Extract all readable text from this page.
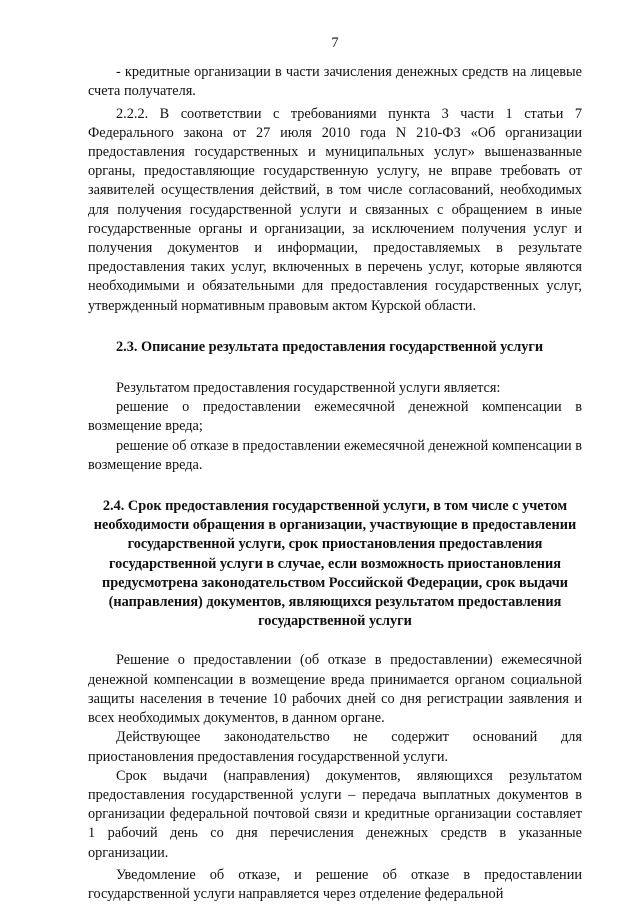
7

- кредитные организации в части зачисления денежных средств на лицевые счета получателя.

2.2.2. В соответствии с требованиями пункта 3 части 1 статьи 7 Федерального закона от 27 июля 2010 года N 210-ФЗ «Об организации предоставления государственных и муниципальных услуг» вышеназванные органы, предоставляющие государственную услугу, не вправе требовать от заявителей осуществления действий, в том числе согласований, необходимых для получения государственной услуги и связанных с обращением в иные государственные органы и организации, за исключением получения услуг и получения документов и информации, предоставляемых в результате предоставления таких услуг, включенных в перечень услуг, которые являются необходимыми и обязательными для предоставления государственных услуг, утвержденный нормативным правовым актом Курской области.

2.3. Описание результата предоставления государственной услуги

Результатом предоставления государственной услуги является:

решение о предоставлении ежемесячной денежной компенсации в возмещение вреда;

решение об отказе в предоставлении ежемесячной денежной компенсации в возмещение вреда.

2.4. Срок предоставления государственной услуги, в том числе с учетом необходимости обращения в организации, участвующие в предоставлении государственной услуги, срок приостановления предоставления государственной услуги в случае, если возможность приостановления предусмотрена законодательством Российской Федерации, срок выдачи (направления) документов, являющихся результатом предоставления государственной услуги

Решение о предоставлении (об отказе в предоставлении) ежемесячной денежной компенсации в возмещение вреда принимается органом социальной защиты населения в течение 10 рабочих дней со дня регистрации заявления и всех необходимых документов, в данном органе.

Действующее законодательство не содержит оснований для приостановления предоставления государственной услуги.

Срок выдачи (направления) документов, являющихся результатом предоставления государственной услуги – передача выплатных документов в организации федеральной почтовой связи и кредитные организации составляет 1 рабочий день со дня перечисления денежных средств в указанные организации.

Уведомление об отказе, и решение об отказе в предоставлении государственной услуги направляется через отделение федеральной
